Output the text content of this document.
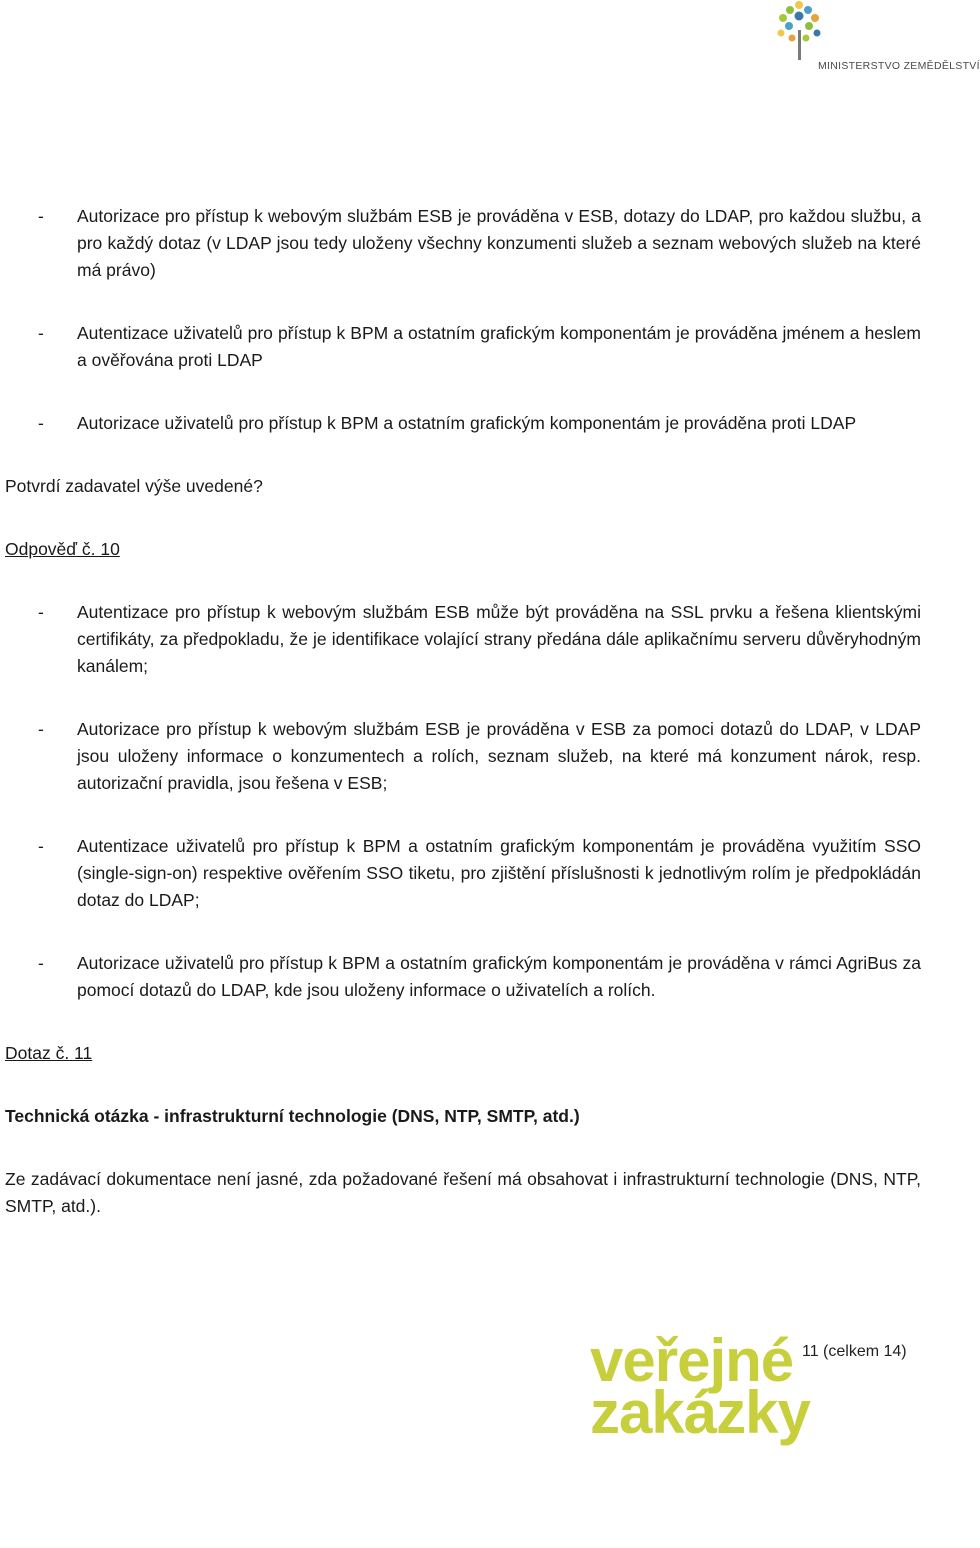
MINISTERSTVO ZEMĚDĚLSTVÍ
- Autorizace pro přístup k webovým službám ESB je prováděna v ESB, dotazy do LDAP, pro každou službu, a pro každý dotaz (v LDAP jsou tedy uloženy všechny konzumenti služeb a seznam webových služeb na které má právo)
- Autentizace uživatelů pro přístup k BPM a ostatním grafickým komponentám je prováděna jménem a heslem a ověřována proti LDAP
- Autorizace uživatelů pro přístup k BPM a ostatním grafickým komponentám je prováděna proti LDAP

Potvrdí zadavatel výše uvedené?

Odpověď č. 10

- Autentizace pro přístup k webovým službám ESB může být prováděna na SSL prvku a řešena klientskými certifikáty, za předpokladu, že je identifikace volající strany předána dále aplikačnímu serveru důvěryhodným kanálem;
- Autorizace pro přístup k webovým službám ESB je prováděna v ESB za pomoci dotazů do LDAP, v LDAP jsou uloženy informace o konzumentech a rolích, seznam služeb, na které má konzument nárok, resp. autorizační pravidla, jsou řešena v ESB;
- Autentizace uživatelů pro přístup k BPM a ostatním grafickým komponentám je prováděna využitím SSO (single-sign-on) respektive ověřením SSO tiketu, pro zjištění příslušnosti k jednotlivým rolím je předpokládán dotaz do LDAP;
- Autorizace uživatelů pro přístup k BPM a ostatním grafickým komponentám je prováděna v rámci AgriBus za pomocí dotazů do LDAP, kde jsou uloženy informace o uživatelích a rolích.

Dotaz č. 11

Technická otázka - infrastrukturní technologie (DNS, NTP, SMTP, atd.)

Ze zadávací dokumentace není jasné, zda požadované řešení má obsahovat i infrastrukturní technologie (DNS, NTP, SMTP, atd.).

veřejné
zakázky
11 (celkem 14)
